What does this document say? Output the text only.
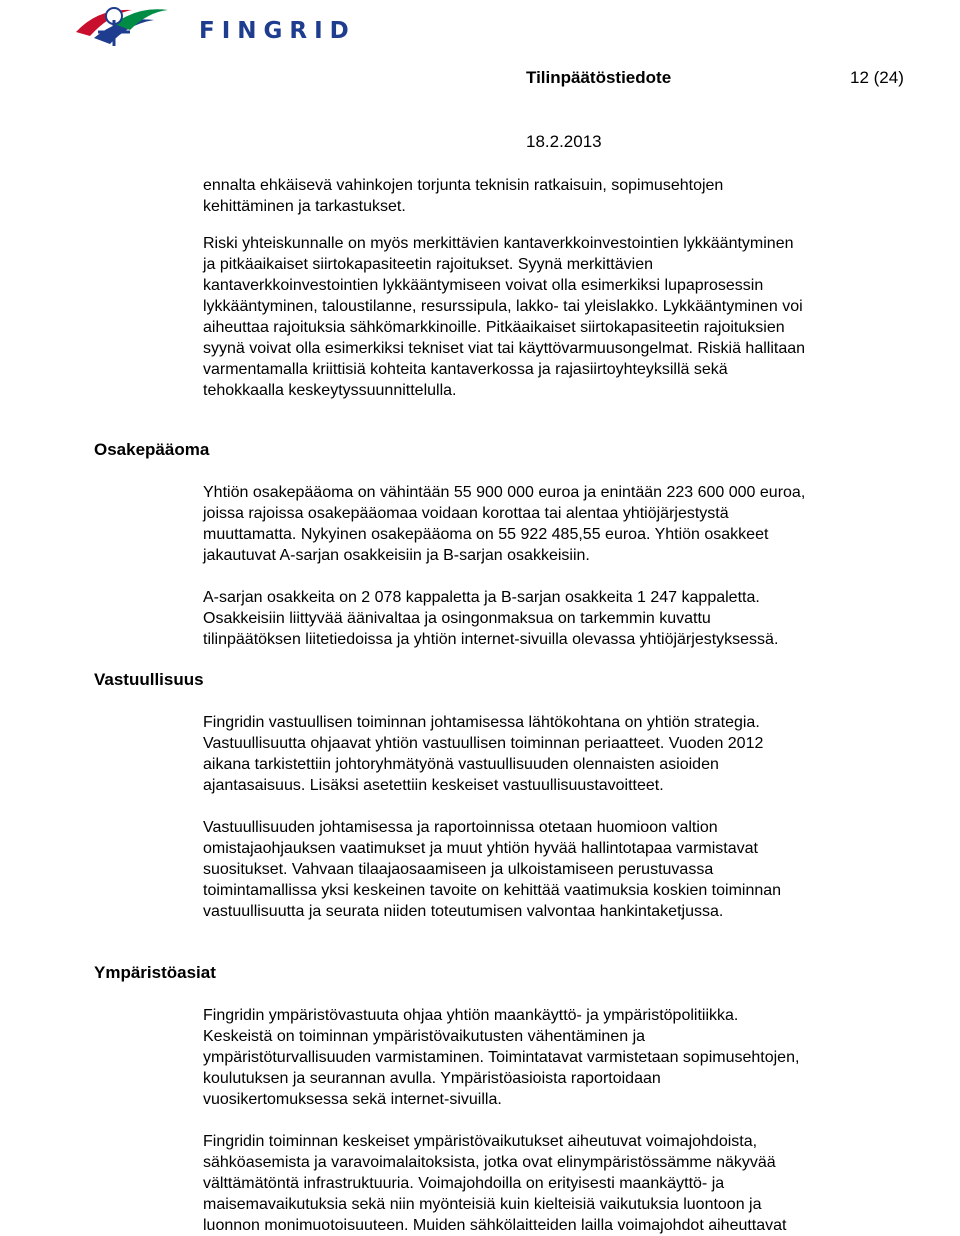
FINGRID
Tilinpäätöstiedote	12 (24)
18.2.2013
Osakepääoma
Vastuullisuus
Ympäristöasiat
ennalta ehkäisevä vahinkojen torjunta teknisin ratkaisuin, sopimusehtojen
kehittäminen ja tarkastukset.
Riski yhteiskunnalle on myös merkittävien kantaverkkoinvestointien lykkääntyminen
ja pitkäaikaiset siirtokapasiteetin rajoitukset. Syynä merkittävien
kantaverkkoinvestointien lykkääntymiseen voivat olla esimerkiksi lupaprosessin
lykkääntyminen, taloustilanne, resurssipula, lakko- tai yleislakko. Lykkääntyminen voi
aiheuttaa rajoituksia sähkömarkkinoille. Pitkäaikaiset siirtokapasiteetin rajoituksien
syynä voivat olla esimerkiksi tekniset viat tai käyttövarmuusongelmat. Riskiä hallitaan
varmentamalla kriittisiä kohteita kantaverkossa ja rajasiirtoyhteyksillä sekä
tehokkaalla keskeytyssuunnittelulla.
Yhtiön osakepääoma on vähintään 55 900 000 euroa ja enintään 223 600 000 euroa,
joissa rajoissa osakepääomaa voidaan korottaa tai alentaa yhtiöjärjestystä
muuttamatta. Nykyinen osakepääoma on 55 922 485,55 euroa. Yhtiön osakkeet
jakautuvat A-sarjan osakkeisiin ja B-sarjan osakkeisiin.
A-sarjan osakkeita on 2 078 kappaletta ja B-sarjan osakkeita 1 247 kappaletta.
Osakkeisiin liittyvää äänivaltaa ja osingonmaksua on tarkemmin kuvattu
tilinpäätöksen liitetiedoissa ja yhtiön internet-sivuilla olevassa yhtiöjärjestyksessä.
Fingridin vastuullisen toiminnan johtamisessa lähtökohtana on yhtiön strategia.
Vastuullisuutta ohjaavat yhtiön vastuullisen toiminnan periaatteet. Vuoden 2012
aikana tarkistettiin johtoryhmätyönä vastuullisuuden olennaisten asioiden
ajantasaisuus. Lisäksi asetettiin keskeiset vastuullisuustavoitteet.
Vastuullisuuden johtamisessa ja raportoinnissa otetaan huomioon valtion
omistajaohjauksen vaatimukset ja muut yhtiön hyvää hallintotapaa varmistavat
suositukset. Vahvaan tilaajaosaamiseen ja ulkoistamiseen perustuvassa
toimintamallissa yksi keskeinen tavoite on kehittää vaatimuksia koskien toiminnan
vastuullisuutta ja seurata niiden toteutumisen valvontaa hankintaketjussa.
Fingridin ympäristövastuuta ohjaa yhtiön maankäyttö- ja ympäristöpolitiikka.
Keskeistä on toiminnan ympäristövaikutusten vähentäminen ja
ympäristöturvallisuuden varmistaminen. Toimintatavat varmistetaan sopimusehtojen,
koulutuksen ja seurannan avulla. Ympäristöasioista raportoidaan
vuosikertomuksessa sekä internet-sivuilla.
Fingridin toiminnan keskeiset ympäristövaikutukset aiheutuvat voimajohdoista,
sähköasemista ja varavoimalaitoksista, jotka ovat elinympäristössämme näkyvää
välttämätöntä infrastruktuuria. Voimajohdoilla on erityisesti maankäyttö- ja
maisemavaikutuksia sekä niin myönteisiä kuin kielteisiä vaikutuksia luontoon ja
luonnon monimuotoisuuteen. Muiden sähkölaitteiden lailla voimajohdot aiheuttavat
